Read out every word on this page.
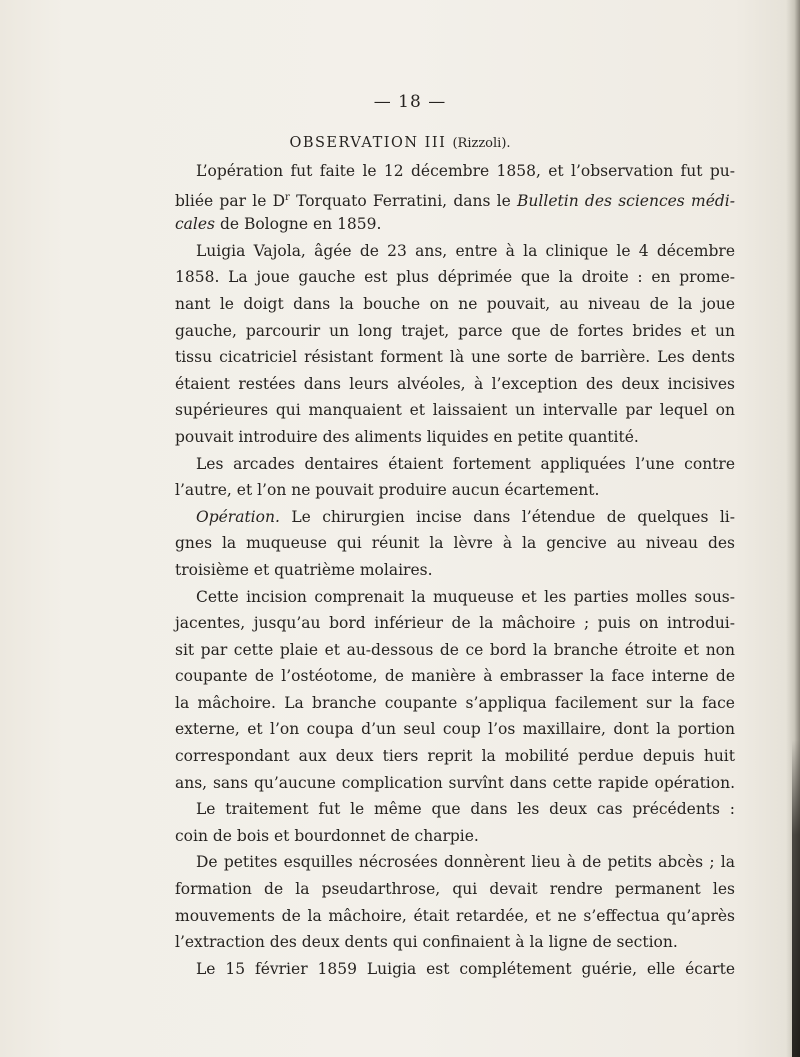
— 18 —
OBSERVATION III (Rizzoli).
L’opération fut faite le 12 décembre 1858, et l’observation fut pu-
bliée par le $D^r$ Torquato Ferratini, dans le Bulletin des sciences médi-
cales de Bologne en 1859.
Luigia Vajola, âgée de 23 ans, entre à la clinique le 4 décembre
1858. La joue gauche est plus déprimée que la droite : en prome-
nant le doigt dans la bouche on ne pouvait, au niveau de la joue
gauche, parcourir un long trajet, parce que de fortes brides et un
tissu cicatriciel résistant forment là une sorte de barrière. Les dents
étaient restées dans leurs alvéoles, à l’exception des deux incisives
supérieures qui manquaient et laissaient un intervalle par lequel on
pouvait introduire des aliments liquides en petite quantité.
Les arcades dentaires étaient fortement appliquées l’une contre
l’autre, et l’on ne pouvait produire aucun écartement.
Opération. Le chirurgien incise dans l’étendue de quelques li-
gnes la muqueuse qui réunit la lèvre à la gencive au niveau des
troisième et quatrième molaires.
Cette incision comprenait la muqueuse et les parties molles sous-
jacentes, jusqu’au bord inférieur de la mâchoire ; puis on introdui-
sit par cette plaie et au-dessous de ce bord la branche étroite et non
coupante de l’ostéotome, de manière à embrasser la face interne de
la mâchoire. La branche coupante s’appliqua facilement sur la face
externe, et l’on coupa d’un seul coup l’os maxillaire, dont la portion
correspondant aux deux tiers reprit la mobilité perdue depuis huit
ans, sans qu’aucune complication survînt dans cette rapide opération.
Le traitement fut le même que dans les deux cas précédents :
coin de bois et bourdonnet de charpie.
De petites esquilles nécrosées donnèrent lieu à de petits abcès ; la
formation de la pseudarthrose, qui devait rendre permanent les
mouvements de la mâchoire, était retardée, et ne s’effectua qu’après
l’extraction des deux dents qui confinaient à la ligne de section.
Le 15 février 1859 Luigia est complétement guérie, elle écarte
